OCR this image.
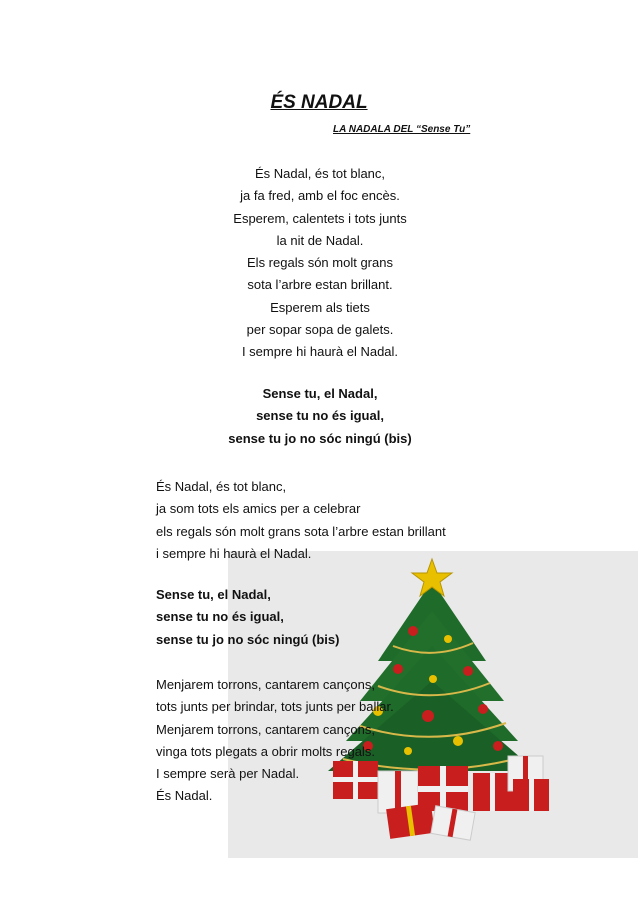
ÉS NADAL

LA NADALA DEL “Sense Tu”

És Nadal, és tot blanc,
ja fa fred, amb el foc encès.
Esperem, calentets i tots junts
la nit de Nadal.
Els regals són molt grans
sota l’arbre estan brillant.
Esperem als tiets
per sopar sopa de galets.
I sempre hi haurà el Nadal.
Sense tu, el Nadal,
sense tu no és igual,
sense tu jo no sóc ningú (bis)
És Nadal, és tot blanc,
ja som tots els amics per a celebrar
els regals són molt grans sota l’arbre estan brillant
i sempre hi haurà el Nadal.
Sense tu, el Nadal,
sense tu no és igual,
sense tu jo no sóc ningú (bis)
Menjarem torrons, cantarem cançons,
tots junts per brindar, tots junts per ballar.
Menjarem torrons, cantarem cançons,
vinga tots plegats a obrir molts regals.
I sempre serà per Nadal.
És Nadal.
